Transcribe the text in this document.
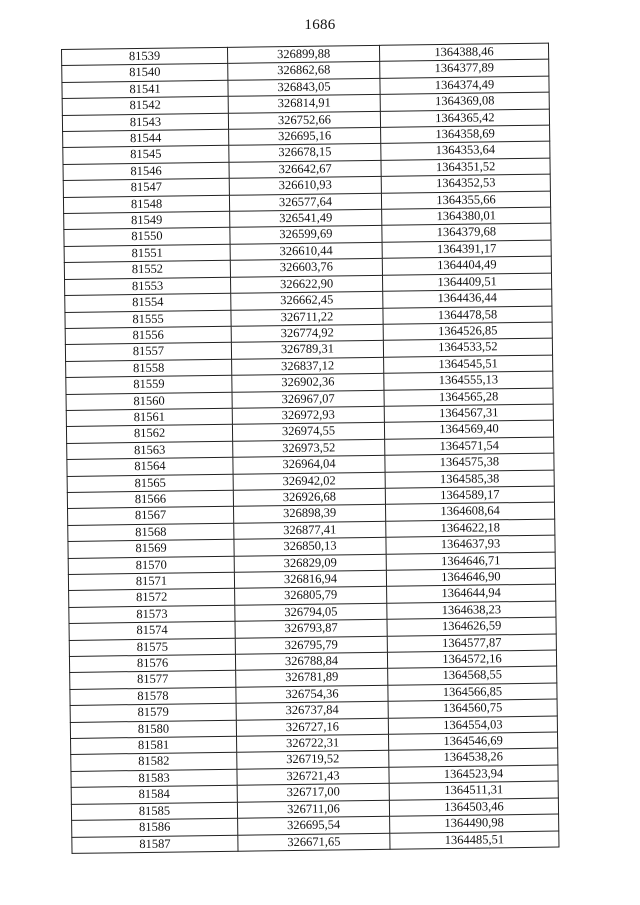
1686
81539	326899,88	1364388,46
81540	326862,68	1364377,89
81541	326843,05	1364374,49
81542	326814,91	1364369,08
81543	326752,66	1364365,42
81544	326695,16	1364358,69
81545	326678,15	1364353,64
81546	326642,67	1364351,52
81547	326610,93	1364352,53
81548	326577,64	1364355,66
81549	326541,49	1364380,01
81550	326599,69	1364379,68
81551	326610,44	1364391,17
81552	326603,76	1364404,49
81553	326622,90	1364409,51
81554	326662,45	1364436,44
81555	326711,22	1364478,58
81556	326774,92	1364526,85
81557	326789,31	1364533,52
81558	326837,12	1364545,51
81559	326902,36	1364555,13
81560	326967,07	1364565,28
81561	326972,93	1364567,31
81562	326974,55	1364569,40
81563	326973,52	1364571,54
81564	326964,04	1364575,38
81565	326942,02	1364585,38
81566	326926,68	1364589,17
81567	326898,39	1364608,64
81568	326877,41	1364622,18
81569	326850,13	1364637,93
81570	326829,09	1364646,71
81571	326816,94	1364646,90
81572	326805,79	1364644,94
81573	326794,05	1364638,23
81574	326793,87	1364626,59
81575	326795,79	1364577,87
81576	326788,84	1364572,16
81577	326781,89	1364568,55
81578	326754,36	1364566,85
81579	326737,84	1364560,75
81580	326727,16	1364554,03
81581	326722,31	1364546,69
81582	326719,52	1364538,26
81583	326721,43	1364523,94
81584	326717,00	1364511,31
81585	326711,06	1364503,46
81586	326695,54	1364490,98
81587	326671,65	1364485,51
